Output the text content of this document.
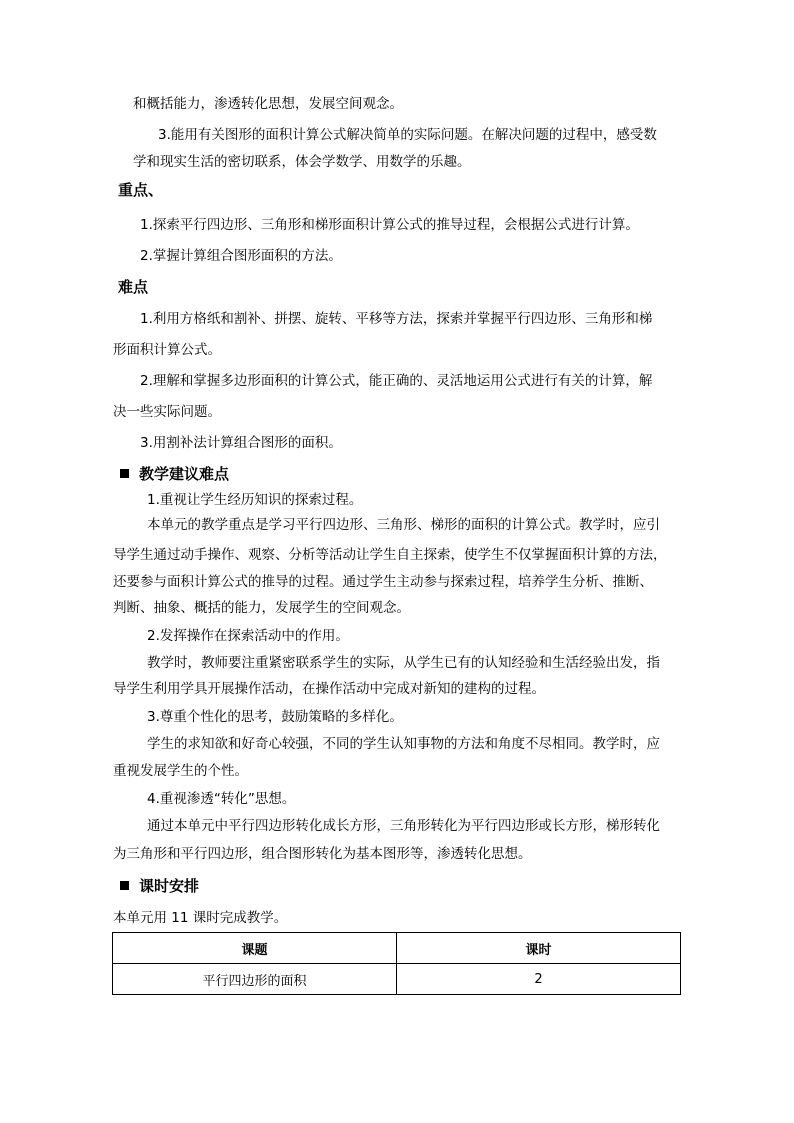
和概括能力，渗透转化思想，发展空间观念。
3.能用有关图形的面积计算公式解决简单的实际问题。在解决问题的过程中，感受数
学和现实生活的密切联系，体会学数学、用数学的乐趣。
重点、
1.探索平行四边形、三角形和梯形面积计算公式的推导过程，会根据公式进行计算。
2.掌握计算组合图形面积的方法。
难点
1.利用方格纸和割补、拼摆、旋转、平移等方法，探索并掌握平行四边形、三角形和梯
形面积计算公式。
2.理解和掌握多边形面积的计算公式，能正确的、灵活地运用公式进行有关的计算，解
决一些实际问题。
3.用割补法计算组合图形的面积。
教学建议难点
1.重视让学生经历知识的探索过程。
本单元的教学重点是学习平行四边形、三角形、梯形的面积的计算公式。教学时，应引
导学生通过动手操作、观察、分析等活动让学生自主探索，使学生不仅掌握面积计算的方法，
还要参与面积计算公式的推导的过程。通过学生主动参与探索过程，培养学生分析、推断、
判断、抽象、概括的能力，发展学生的空间观念。
2.发挥操作在探索活动中的作用。
教学时，教师要注重紧密联系学生的实际，从学生已有的认知经验和生活经验出发，指
导学生利用学具开展操作活动，在操作活动中完成对新知的建构的过程。
3.尊重个性化的思考，鼓励策略的多样化。
学生的求知欲和好奇心较强，不同的学生认知事物的方法和角度不尽相同。教学时，应
重视发展学生的个性。
4.重视渗透“转化”思想。
通过本单元中平行四边形转化成长方形，三角形转化为平行四边形或长方形，梯形转化
为三角形和平行四边形，组合图形转化为基本图形等，渗透转化思想。
课时安排
本单元用 11 课时完成教学。
课题	课时
平行四边形的面积	2
